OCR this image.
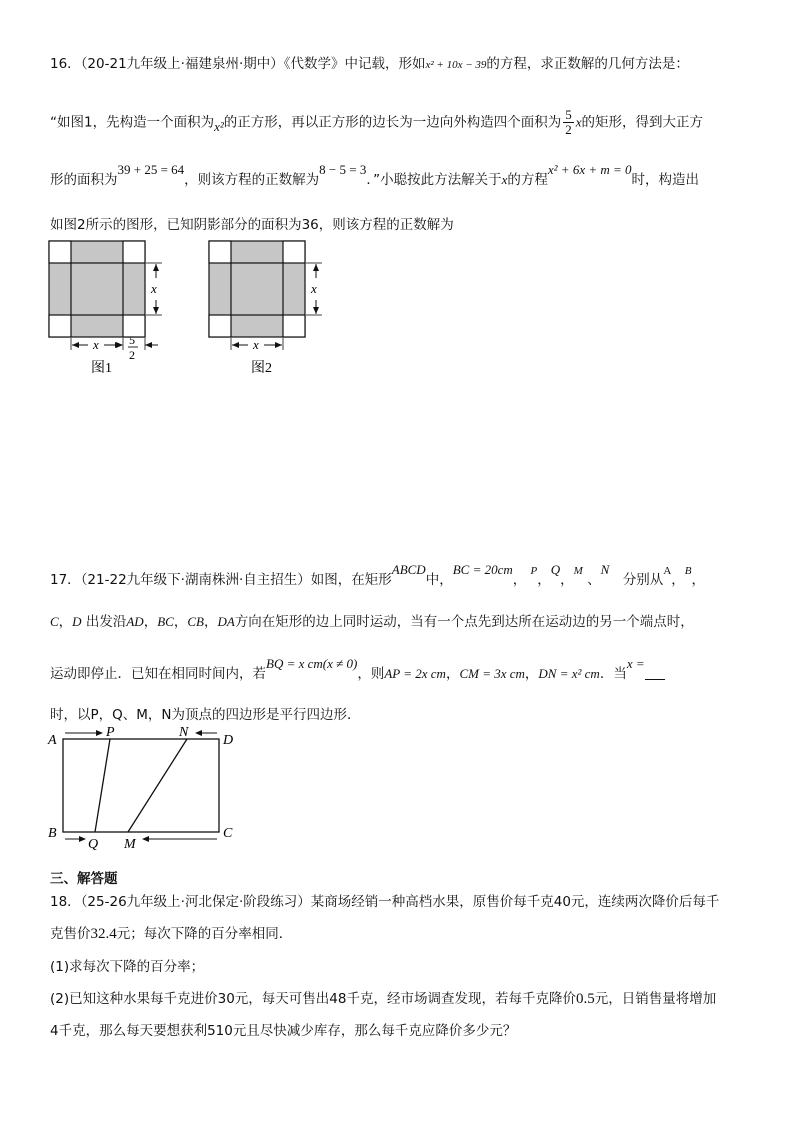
16．（20-21九年级上·福建泉州·期中）《代数学》中记载，形如x² + 10x − 39的方程，求正数解的几何方法是：
“如图1，先构造一个面积为x²的正方形，再以正方形的边长为一边向外构造四个面积为 $\frac{5}{2}$ x的矩形，得到大正方
形的面积为39 + 25 = 64，则该方程的正数解为8 − 5 = 3．”小聪按此方法解关于x的方程x² + 6x + m = 0时，构造出
如图2所示的图形，已知阴影部分的面积为36，则该方程的正数解为
x
x	5
2
图1
x
x
图2
17．（21-22九年级下·湖南株洲·自主招生）如图，在矩形ABCD中，BC = 20cm， $^P$，Q，$^M$ 、N　分别从$^A$，$^B$，
C，D 出发沿AD，BC，CB，DA方向在矩形的边上同时运动，当有一个点先到达所在运动边的另一个端点时，
运动即停止．已知在相同时间内，若BQ = x cm(x ≠ 0)，则AP = 2x cm，CM = 3x cm，DN = x² cm．当x =
时，以P，Q、M，N为顶点的四边形是平行四边形．
A
P	N
D
B
Q M
C
三、解答题
18．（25-26九年级上·河北保定·阶段练习）某商场经销一种高档水果，原售价每千克40元，连续两次降价后每千
克售价32.4元；每次下降的百分率相同．
(1)求每次下降的百分率；
(2)已知这种水果每千克进价30元，每天可售出48千克，经市场调查发现，若每千克降价0.5元，日销售量将增加
4千克，那么每天要想获利510元且尽快减少库存，那么每千克应降价多少元？
